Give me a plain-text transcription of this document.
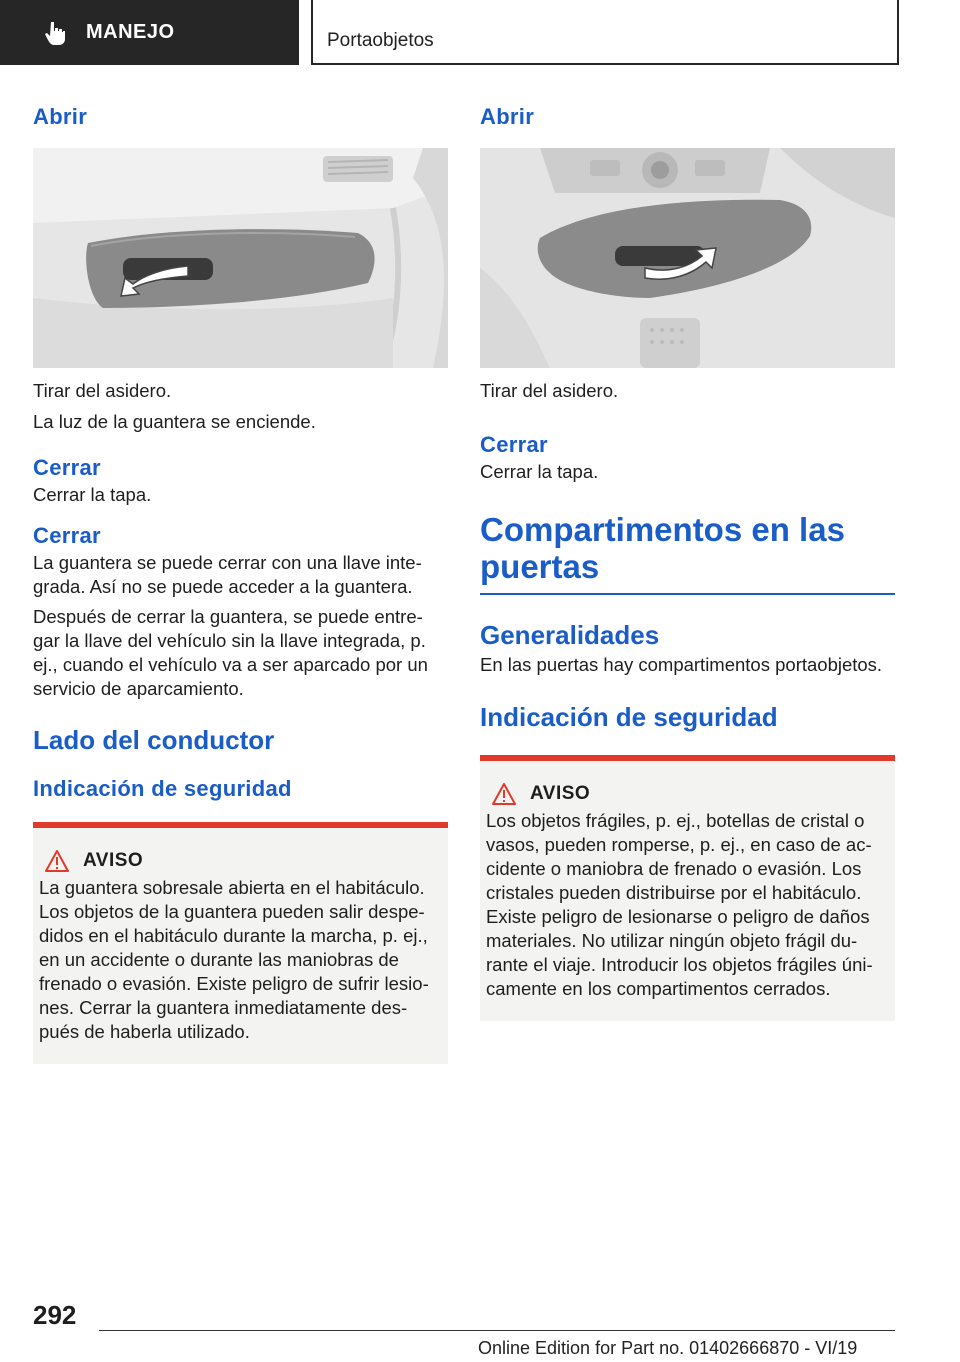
MANEJO	Portaobjetos
Abrir

Tirar del asidero.

La luz de la guantera se enciende.

Cerrar

Cerrar la tapa.

Cerrar

La guantera se puede cerrar con una llave inte-grada. Así no se puede acceder a la guantera.

Después de cerrar la guantera, se puede entre-gar la llave del vehículo sin la llave integrada, p. ej., cuando el vehículo va a ser aparcado por un servicio de aparcamiento.

Lado del conductor
Indicación de seguridad
AVISO

La guantera sobresale abierta en el habitáculo. Los objetos de la guantera pueden salir despe-didos en el habitáculo durante la marcha, p. ej., en un accidente o durante las maniobras de frenado o evasión. Existe peligro de sufrir lesio-nes. Cerrar la guantera inmediatamente des-pués de haberla utilizado.

Abrir

Tirar del asidero.

Cerrar

Cerrar la tapa.

Compartimentos en las puertas
Generalidades

En las puertas hay compartimentos portaobjetos.

Indicación de seguridad
AVISO

Los objetos frágiles, p. ej., botellas de cristal o vasos, pueden romperse, p. ej., en caso de ac-cidente o maniobra de frenado o evasión. Los cristales pueden distribuirse por el habitáculo. Existe peligro de lesionarse o peligro de daños materiales. No utilizar ningún objeto frágil du-rante el viaje. Introducir los objetos frágiles úni-camente en los compartimentos cerrados.

292
Online Edition for Part no. 01402666870 - VI/19
